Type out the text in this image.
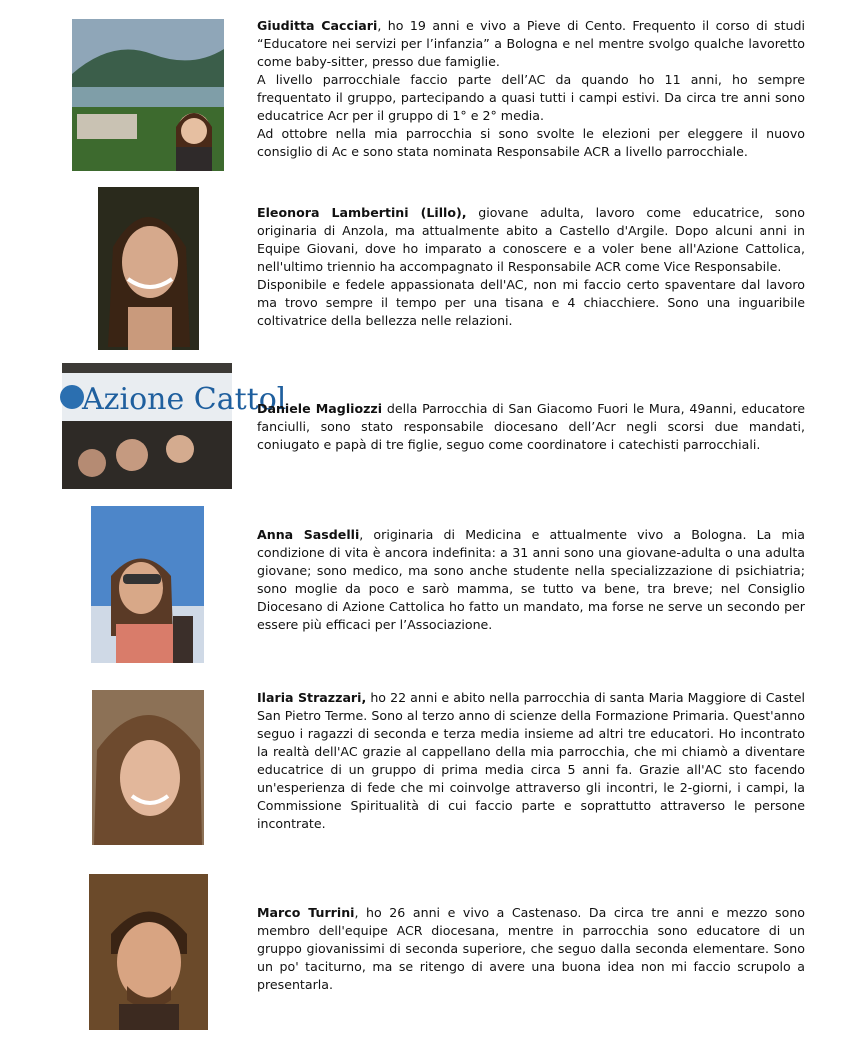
Giuditta Cacciari, ho 19 anni e vivo a Pieve di Cento. Frequento il corso di studi “Educatore nei servizi per l’infanzia” a Bologna e nel mentre svolgo qualche lavoretto come baby-sitter, presso due famiglie.

A livello parrocchiale faccio parte dell’AC da quando ho 11 anni, ho sempre frequentato il gruppo, partecipando a quasi tutti i campi estivi. Da circa tre anni sono educatrice Acr per il gruppo di 1° e 2° media.

Ad ottobre nella mia parrocchia si sono svolte le elezioni per eleggere il nuovo consiglio di Ac e sono stata nominata Responsabile ACR a livello parrocchiale.

Eleonora Lambertini (Lillo), giovane adulta, lavoro come educatrice, sono originaria di Anzola, ma attualmente abito a Castello d'Argile. Dopo alcuni anni in Equipe Giovani, dove ho imparato a conoscere e a voler bene all'Azione Cattolica, nell'ultimo triennio ha accompagnato il Responsabile ACR come Vice Responsabile.

Disponibile e fedele appassionata dell'AC, non mi faccio certo spaventare dal lavoro ma trovo sempre il tempo per una tisana e 4 chiacchiere. Sono una inguaribile coltivatrice della bellezza nelle relazioni.

Azione Cattol

Daniele Magliozzi della Parrocchia di San Giacomo Fuori le Mura, 49anni, educatore fanciulli, sono stato responsabile diocesano dell’Acr negli scorsi due mandati, coniugato e papà di tre figlie, seguo come coordinatore i catechisti parrocchiali.

Anna Sasdelli, originaria di Medicina e attualmente vivo a Bologna. La mia condizione di vita è ancora indefinita: a 31 anni sono una giovane-adulta o una adulta giovane; sono medico, ma sono anche studente nella specializzazione di psichiatria; sono moglie da poco e sarò mamma, se tutto va bene, tra breve; nel Consiglio Diocesano di Azione Cattolica ho fatto un mandato, ma forse ne serve un secondo per essere più efficaci per l’Associazione.

Ilaria Strazzari, ho 22 anni e abito nella parrocchia di santa Maria Maggiore di Castel San Pietro Terme. Sono al terzo anno di scienze della Formazione Primaria. Quest'anno seguo i ragazzi di seconda e terza media insieme ad altri tre educatori. Ho incontrato la realtà dell'AC grazie al cappellano della mia parrocchia, che mi chiamò a diventare educatrice di un gruppo di prima media circa 5 anni fa. Grazie all'AC sto facendo un'esperienza di fede che mi coinvolge attraverso gli incontri, le 2-giorni, i campi, la Commissione Spiritualità di cui faccio parte e soprattutto attraverso le persone incontrate.

Marco Turrini, ho 26 anni e vivo a Castenaso. Da circa tre anni e mezzo sono membro dell'equipe ACR diocesana, mentre in parrocchia sono educatore di un gruppo giovanissimi di seconda superiore, che seguo dalla seconda elementare. Sono un po' taciturno, ma se ritengo di avere una buona idea non mi faccio scrupolo a presentarla.
